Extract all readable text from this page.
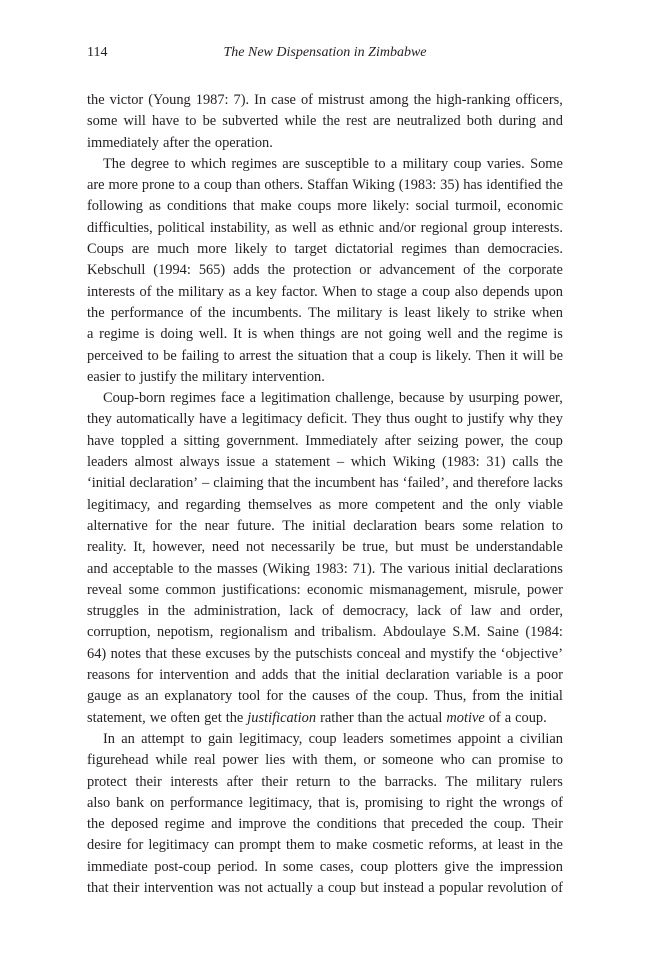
114	The New Dispensation in Zimbabwe
the victor (Young 1987: 7). In case of mistrust among the high-ranking officers,
some will have to be subverted while the rest are neutralized both during and
immediately after the operation.
The degree to which regimes are susceptible to a military coup varies. Some
are more prone to a coup than others. Staffan Wiking (1983: 35) has identified the
following as conditions that make coups more likely: social turmoil, economic
difficulties, political instability, as well as ethnic and/or regional group interests.
Coups are much more likely to target dictatorial regimes than democracies.
Kebschull (1994: 565) adds the protection or advancement of the corporate
interests of the military as a key factor. When to stage a coup also depends upon
the performance of the incumbents. The military is least likely to strike when
a regime is doing well. It is when things are not going well and the regime is
perceived to be failing to arrest the situation that a coup is likely. Then it will be
easier to justify the military intervention.
Coup-born regimes face a legitimation challenge, because by usurping power,
they automatically have a legitimacy deficit. They thus ought to justify why they
have toppled a sitting government. Immediately after seizing power, the coup
leaders almost always issue a statement – which Wiking (1983: 31) calls the
‘initial declaration’ – claiming that the incumbent has ‘failed’, and therefore lacks
legitimacy, and regarding themselves as more competent and the only viable
alternative for the near future. The initial declaration bears some relation to
reality. It, however, need not necessarily be true, but must be understandable
and acceptable to the masses (Wiking 1983: 71). The various initial declarations
reveal some common justifications: economic mismanagement, misrule, power
struggles in the administration, lack of democracy, lack of law and order,
corruption, nepotism, regionalism and tribalism. Abdoulaye S.M. Saine (1984:
64) notes that these excuses by the putschists conceal and mystify the ‘objective’
reasons for intervention and adds that the initial declaration variable is a poor
gauge as an explanatory tool for the causes of the coup. Thus, from the initial
statement, we often get the justification rather than the actual motive of a coup.
In an attempt to gain legitimacy, coup leaders sometimes appoint a civilian
figurehead while real power lies with them, or someone who can promise to
protect their interests after their return to the barracks. The military rulers
also bank on performance legitimacy, that is, promising to right the wrongs of
the deposed regime and improve the conditions that preceded the coup. Their
desire for legitimacy can prompt them to make cosmetic reforms, at least in the
immediate post-coup period. In some cases, coup plotters give the impression
that their intervention was not actually a coup but instead a popular revolution of
